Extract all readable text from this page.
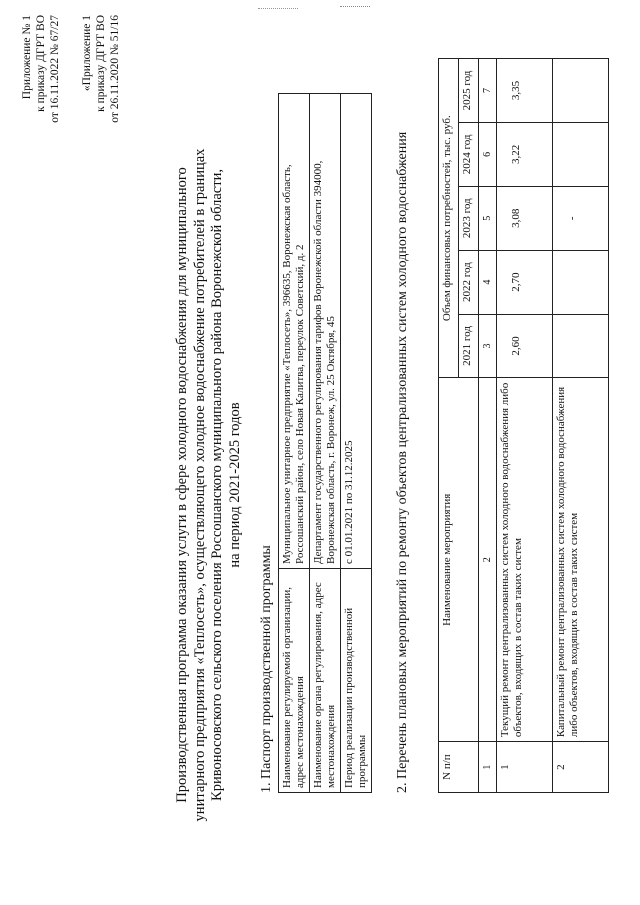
Приложение № 1 к приказу ДГРТ ВО от 16.11.2022 № 67/27 «Приложение 1 к приказу ДГРТ ВО от 26.11.2020 № 51/16
Производственная программа оказания услуги в сфере холодного водоснабжения для муниципального унитарного предприятия «Теплосеть», осуществляющего холодное водоснабжение потребителей в границах Кривоносовского сельского поселения Россошанского муниципального района Воронежской области, на период 2021-2025 годов
1. Паспорт производственной программы Наименование регулируемой организации, адрес местонахождения	Муниципальное унитарное предприятие «Теплосеть», 396635, Воронежская область, Россошанский район, село Новая Калитва, переулок Советский, д. 2
Наименование органа регулирования, адрес местонахождения	Департамент государственного регулирования тарифов Воронежской области 394000, Воронежская область, г. Воронеж, ул. 25 Октября, 45
Период реализации производственной программы	с 01.01.2021 по 31.12.2025	2. Перечень плановых мероприятий по ремонту объектов централизованных систем холодного водоснабжения	N п/п	Наименование мероприятия	Объем финансовых потребностей, тыс. руб.				
		2021 год	2022 год	2023 год	2024 год	2025 год
1	2	3	4	5	6	7
1	Текущий ремонт централизованных систем холодного водоснабжения либо объектов, входящих в состав таких систем	2,60	2,70	3,08	3,22	3,35
2	Капитальный ремонт централизованных систем холодного водоснабжения либо объектов, входящих в состав таких систем			-		
